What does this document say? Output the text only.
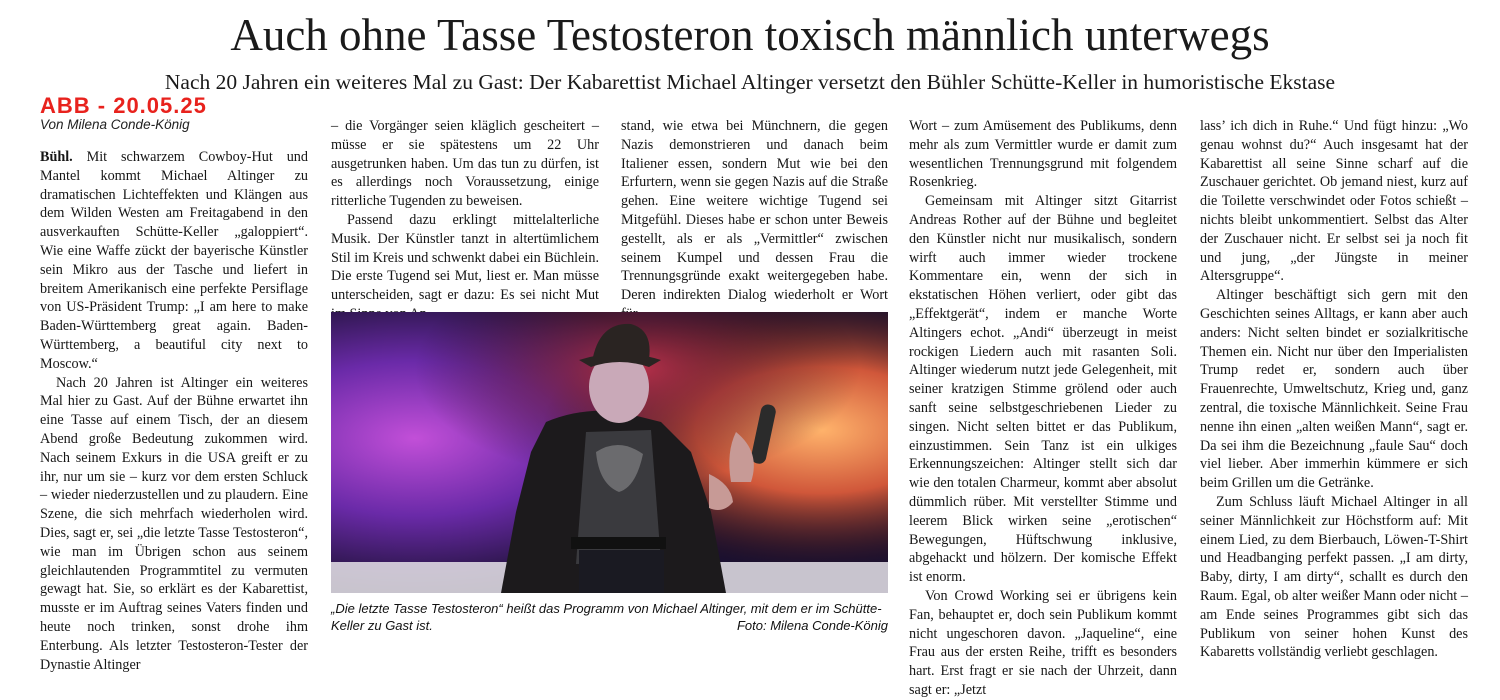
Auch ohne Tasse Testosteron toxisch männlich unterwegs
Nach 20 Jahren ein weiteres Mal zu Gast: Der Kabarettist Michael Altinger versetzt den Bühler Schütte-Keller in humoristische Ekstase
ABB - 20.05.25
Von Milena Conde-König

Bühl. Mit schwarzem Cowboy-Hut und Mantel kommt Michael Altinger zu dramatischen Lichteffekten und Klängen aus dem Wilden Westen am Freitagabend in den ausverkauften Schütte-Keller „galoppiert“. Wie eine Waffe zückt der bayerische Künstler sein Mikro aus der Tasche und liefert in breitem Amerikanisch eine perfekte Persiflage von US-Präsident Trump: „I am here to make Baden-Württemberg great again. Baden-Württemberg, a beautiful city next to Moscow.“

Nach 20 Jahren ist Altinger ein weiteres Mal hier zu Gast. Auf der Bühne erwartet ihn eine Tasse auf einem Tisch, der an diesem Abend große Bedeutung zukommen wird. Nach seinem Exkurs in die USA greift er zu ihr, nur um sie – kurz vor dem ersten Schluck – wieder niederzustellen und zu plaudern. Eine Szene, die sich mehrfach wiederholen wird. Dies, sagt er, sei „die letzte Tasse Testosteron“, wie man im Übrigen schon aus seinem gleichlautenden Programmtitel zu vermuten gewagt hat. Sie, so erklärt es der Kabarettist, musste er im Auftrag seines Vaters finden und heute noch trinken, sonst drohe ihm Enterbung. Als letzter Testosteron-Tester der Dynastie Altinger

– die Vorgänger seien kläglich gescheitert – müsse er sie spätestens um 22 Uhr ausgetrunken haben. Um das tun zu dürfen, ist es allerdings noch Voraussetzung, einige ritterliche Tugenden zu beweisen.

Passend dazu erklingt mittelalterliche Musik. Der Künstler tanzt in altertümlichem Stil im Kreis und schwenkt dabei ein Büchlein. Die erste Tugend sei Mut, liest er. Man müsse unterscheiden, sagt er dazu: Es sei nicht Mut

stand, wie etwa bei Münchnern, die gegen Nazis demonstrieren und danach beim Italiener essen, sondern Mut wie bei den Erfurtern, wenn sie gegen Nazis auf die Straße gehen. Eine weitere wichtige Tugend sei Mitgefühl. Dieses habe er schon unter Beweis gestellt, als er als „Vermittler“ zwischen seinem Kumpel und dessen Frau die Trennungsgründe exakt weitergegeben habe. Deren indirekten Dialog wiederholt er Wort

„Die letzte Tasse Testosteron“ heißt das Programm von Michael Altinger, mit dem er im Schütte-Keller zu Gast ist.	Foto: Milena Conde-König

Wort – zum Amüsement des Publikums, denn mehr als zum Vermittler wurde er damit zum wesentlichen Trennungsgrund mit folgendem Rosenkrieg.

Gemeinsam mit Altinger sitzt Gitarrist Andreas Rother auf der Bühne und begleitet den Künstler nicht nur musikalisch, sondern wirft auch immer wieder trockene Kommentare ein, wenn der sich in ekstatischen Höhen verliert, oder gibt das „Effektgerät“, indem er manche Worte Altingers echot. „Andi“ überzeugt in meist rockigen Liedern auch mit rasanten Soli. Altinger wiederum nutzt jede Gelegenheit, mit seiner kratzigen Stimme grölend oder auch sanft seine selbstgeschriebenen Lieder zu singen. Nicht selten bittet er das Publikum, einzustimmen. Sein Tanz ist ein ulkiges Erkennungszeichen: Altinger stellt sich dar wie den totalen Charmeur, kommt aber absolut dümmlich rüber. Mit verstellter Stimme und leerem Blick wirken seine „erotischen“ Bewegungen, Hüftschwung inklusive, abgehackt und hölzern. Der komische Effekt ist enorm.

Von Crowd Working sei er übrigens kein Fan, behauptet er, doch sein Publikum kommt nicht ungeschoren davon. „Jaqueline“, eine Frau aus der ersten Reihe, trifft es besonders hart. Erst fragt er sie nach der Uhrzeit, dann sagt er: „Jetzt

lass’ ich dich in Ruhe.“ Und fügt hinzu: „Wo genau wohnst du?“ Auch insgesamt hat der Kabarettist all seine Sinne scharf auf die Zuschauer gerichtet. Ob jemand niest, kurz auf die Toilette verschwindet oder Fotos schießt – nichts bleibt unkommentiert. Selbst das Alter der Zuschauer nicht. Er selbst sei ja noch fit und jung, „der Jüngste in meiner Altersgruppe“.

Altinger beschäftigt sich gern mit den Geschichten seines Alltags, er kann aber auch anders: Nicht selten bindet er sozialkritische Themen ein. Nicht nur über den Imperialisten Trump redet er, sondern auch über Frauenrechte, Umweltschutz, Krieg und, ganz zentral, die toxische Männlichkeit. Seine Frau nenne ihn einen „alten weißen Mann“, sagt er. Da sei ihm die Bezeichnung „faule Sau“ doch viel lieber. Aber immerhin kümmere er sich beim Grillen um die Getränke.

Zum Schluss läuft Michael Altinger in all seiner Männlichkeit zur Höchstform auf: Mit einem Lied, zu dem Bierbauch, Löwen-T-Shirt und Headbanging perfekt passen. „I am dirty, Baby, dirty, I am dirty“, schallt es durch den Raum. Egal, ob alter weißer Mann oder nicht – am Ende seines Programmes gibt sich das Publikum von seiner hohen Kunst des Kabaretts vollständig verliebt geschlagen.
